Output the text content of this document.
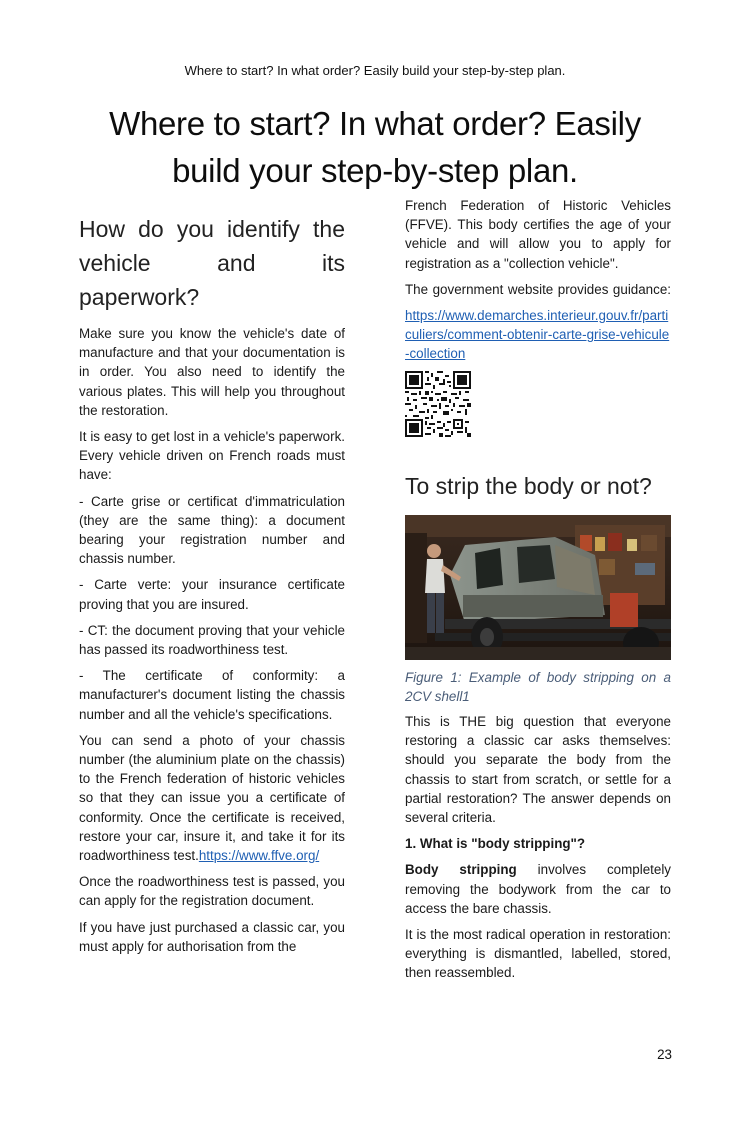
Where to start? In what order? Easily build your step-by-step plan.
Where to start? In what order? Easily build your step-by-step plan.
How do you identify the vehicle and its paperwork?

Make sure you know the vehicle's date of manufacture and that your documentation is in order. You also need to identify the various plates. This will help you throughout the restoration.

It is easy to get lost in a vehicle's paperwork. Every vehicle driven on French roads must have:

- Carte grise or certificat d'immatriculation (they are the same thing): a document bearing your registration number and chassis number.

- Carte verte: your insurance certificate proving that you are insured.

- CT: the document proving that your vehicle has passed its roadworthiness test.

- The certificate of conformity: a manufacturer's document listing the chassis number and all the vehicle's specifications.

You can send a photo of your chassis number (the aluminium plate on the chassis) to the French federation of historic vehicles so that they can issue you a certificate of conformity. Once the certificate is received, restore your car, insure it, and take it for its roadworthiness test.https://www.ffve.org/

Once the roadworthiness test is passed, you can apply for the registration document.

If you have just purchased a classic car, you must apply for authorisation from the

French Federation of Historic Vehicles (FFVE). This body certifies the age of your vehicle and will allow you to apply for registration as a "collection vehicle".

The government website provides guidance:

https://www.demarches.interieur.gouv.fr/particuliers/comment-obtenir-carte-grise-vehicule-collection
To strip the body or not?

Figure 1: Example of body stripping on a 2CV shell1

This is THE big question that everyone restoring a classic car asks themselves: should you separate the body from the chassis to start from scratch, or settle for a partial restoration? The answer depends on several criteria.

1. What is "body stripping"?

Body stripping involves completely removing the bodywork from the car to access the bare chassis.

It is the most radical operation in restoration: everything is dismantled, labelled, stored, then reassembled.

23
